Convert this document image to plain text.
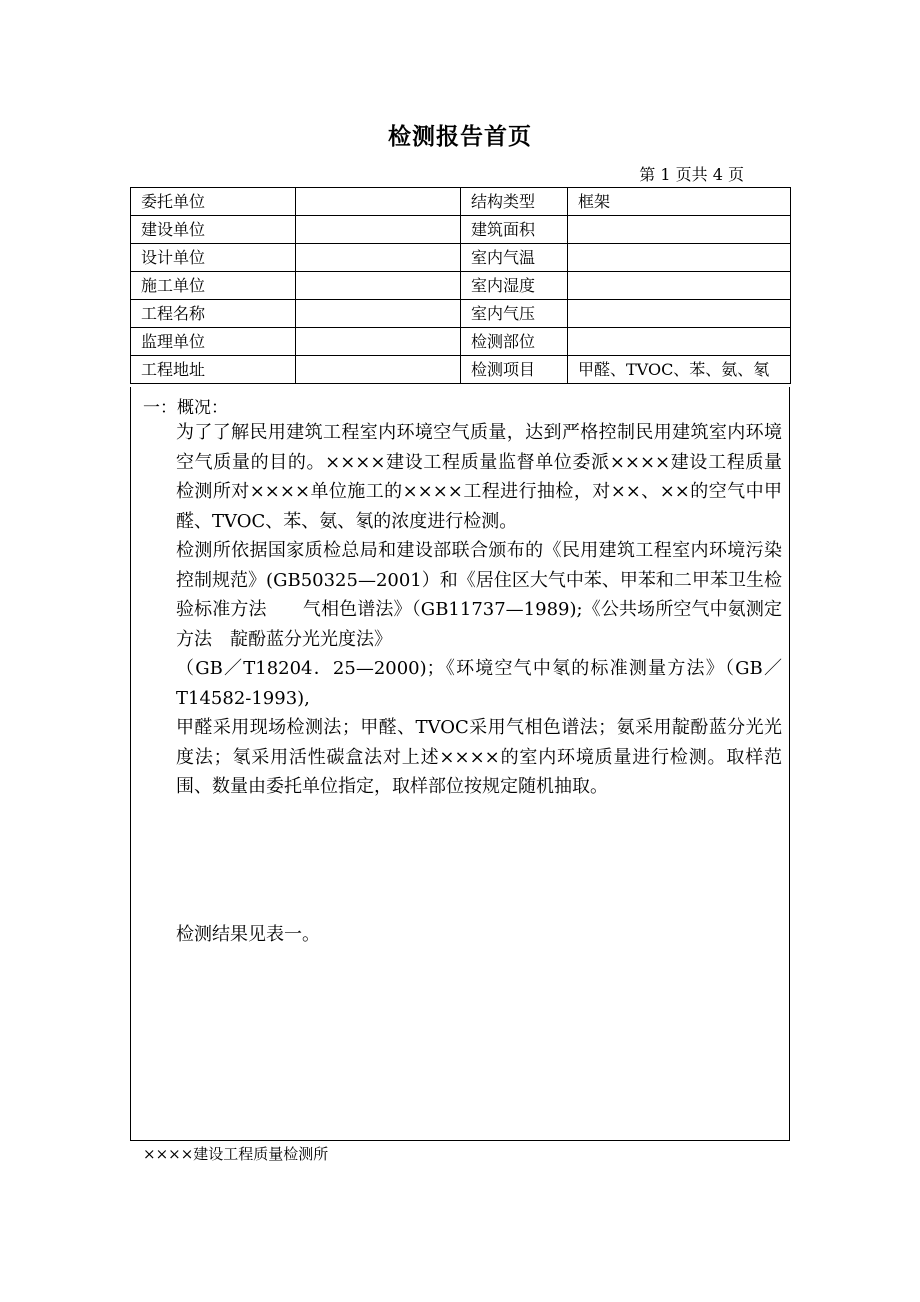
检测报告首页
第 1 页共 4 页
委托单位		结构类型	框架
建设单位		建筑面积	
设计单位		室内气温	
施工单位		室内湿度	
工程名称		室内气压	
监理单位		检测部位	
工程地址		检测项目	甲醛、TVOC、苯、氨、氡
一：概况：

为了了解民用建筑工程室内环境空气质量，达到严格控制民用建筑室内环境空气质量的目的。××××建设工程质量监督单位委派××××建设工程质量检测所对××××单位施工的××××工程进行抽检，对××、××的空气中甲醛、TVOC、苯、氨、氡的浓度进行检测。

检测所依据国家质检总局和建设部联合颁布的《民用建筑工程室内环境污染控制规范》(GB50325—2001）和《居住区大气中苯、甲苯和二甲苯卫生检验标准方法　　气相色谱法》（GB11737—1989);《公共场所空气中氨测定方法　靛酚蓝分光光度法》

（GB／T18204．25—2000)；《环境空气中氡的标准测量方法》（GB／T14582-1993),

甲醛采用现场检测法；甲醛、TVOC采用气相色谱法；氨采用靛酚蓝分光光度法；氡采用活性碳盒法对上述××××的室内环境质量进行检测。取样范围、数量由委托单位指定，取样部位按规定随机抽取。

检测结果见表一。
××××建设工程质量检测所
